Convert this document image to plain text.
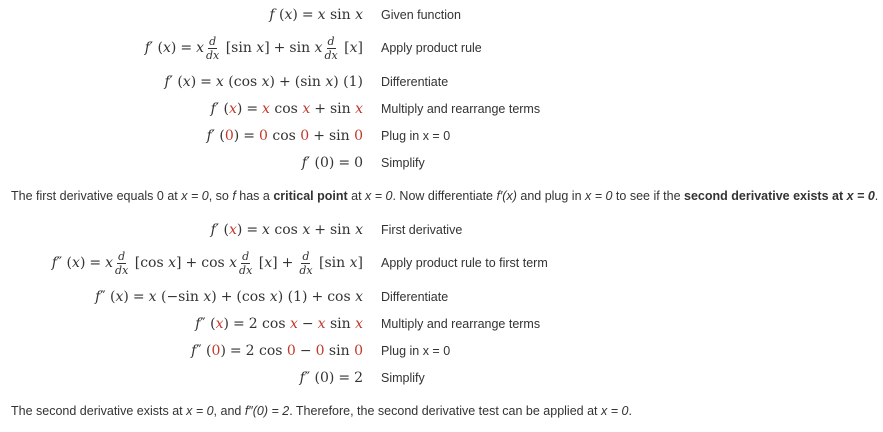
f ( x ) = x sin x Given function
f ′ ( x ) = x $\frac{d}{dx} [\sin$ x ] + sin x $\frac{d}{dx}$ [ x ] Apply product rule
f ′ ( x ) = x (cos x ) + (sin x ) (1) Differentiate
f ′ ( x ) = x cos x + sin x Multiply and rearrange terms
f ′ ( 0 ) = 0 cos 0 + sin 0 Plug in x = 0
f ′ (0) = 0 Simplify
The first derivative equals 0 at x = 0, so f has a critical point at x = 0. Now differentiate f′(x) and plug in x = 0 to see if the second derivative exists at x = 0.
f ′ ( x ) = x cos x + sin x First derivative
f ″ ( x ) = x $\frac{d}{dx} [\cos$ x ] + cos x $\frac{d}{dx}$ [ x ] + $\frac{d}{dx} [\sin$ x ] Apply product rule to first term
f ″ ( x ) = x (−sin x ) + (cos x ) (1) + cos x Differentiate
f ″ ( x ) = 2 cos x − x sin x Multiply and rearrange terms
f ″ ( 0 ) = 2 cos 0 − 0 sin 0 Plug in x = 0
f ″ (0) = 2 Simplify
The second derivative exists at x = 0, and f″(0) = 2. Therefore, the second derivative test can be applied at x = 0.
